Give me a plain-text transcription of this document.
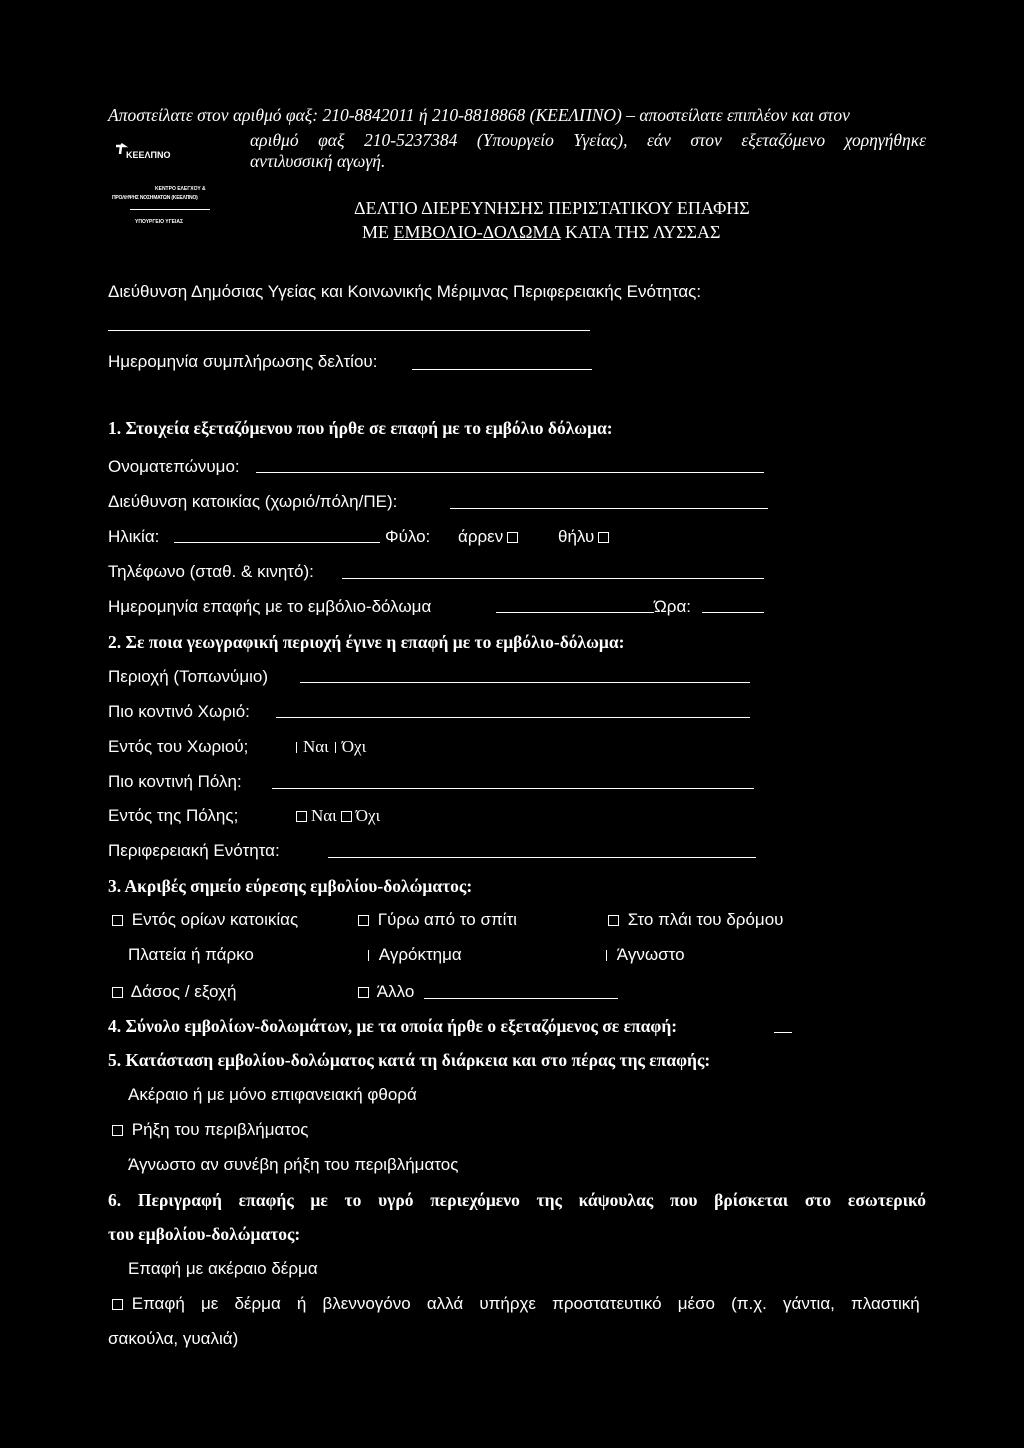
Αποστείλατε στον αριθμό φαξ: 210-8842011 ή 210-8818868 (ΚΕΕΛΠΝΟ) – αποστείλατε επιπλέον και στον
αριθμό φαξ 210-5237384 (Υπουργείο Υγείας), εάν στον εξεταζόμενο χορηγήθηκε
αντιλυσσική αγωγή.
ΚΕΕΛΠΝΟ
ΚΕΝΤΡΟ ΕΛΕΓΧΟΥ &
ΠΡΟΛΗΨΗΣ ΝΟΣΗΜΑΤΩΝ (ΚΕΕΛΠΝΟ)
ΥΠΟΥΡΓΕΙΟ ΥΓΕΙΑΣ
ΔΕΛΤΙΟ ΔΙΕΡΕΥΝΗΣΗΣ ΠΕΡΙΣΤΑΤΙΚΟΥ ΕΠΑΦΗΣ
ΜΕ ΕΜΒΟΛΙΟ-ΔΟΛΩΜΑ ΚΑΤΑ ΤΗΣ ΛΥΣΣΑΣ
Διεύθυνση Δημόσιας Υγείας και Κοινωνικής Μέριμνας Περιφερειακής Ενότητας:
Ημερομηνία συμπλήρωσης δελτίου:
1. Στοιχεία εξεταζόμενου που ήρθε σε επαφή με το εμβόλιο δόλωμα:
Ονοματεπώνυμο:
Διεύθυνση κατοικίας (χωριό/πόλη/ΠΕ):
Ηλικία:	Φύλο: άρρεν	θήλυ
Τηλέφωνο (σταθ. & κινητό):
Ημερομηνία επαφής με το εμβόλιο-δόλωμα	Ώρα:
2. Σε ποια γεωγραφική περιοχή έγινε η επαφή με το εμβόλιο-δόλωμα:
Περιοχή (Τοπωνύμιο)
Πιο κοντινό Χωριό:
Εντός του Χωριού;	Ναι Όχι
Πιο κοντινή Πόλη:
Εντός της Πόλης;	Ναι Όχι
Περιφερειακή Ενότητα:
3. Ακριβές σημείο εύρεσης εμβολίου-δολώματος:
Εντός ορίων κατοικίας	Γύρω από το σπίτι	Στο πλάι του δρόμου
Πλατεία ή πάρκο	Αγρόκτημα	Άγνωστο
Δάσος / εξοχή	Άλλο
4. Σύνολο εμβολίων-δολωμάτων, με τα οποία ήρθε ο εξεταζόμενος σε επαφή:
5. Κατάσταση εμβολίου-δολώματος κατά τη διάρκεια και στο πέρας της επαφής:
Ακέραιο ή με μόνο επιφανειακή φθορά
Ρήξη του περιβλήματος
Άγνωστο αν συνέβη ρήξη του περιβλήματος
6. Περιγραφή επαφής με το υγρό περιεχόμενο της κάψουλας που βρίσκεται στο εσωτερικό
του εμβολίου-δολώματος:
Επαφή με ακέραιο δέρμα
Επαφή με δέρμα ή βλεννογόνο αλλά υπήρχε προστατευτικό μέσο (π.χ. γάντια, πλαστική
σακούλα, γυαλιά)
